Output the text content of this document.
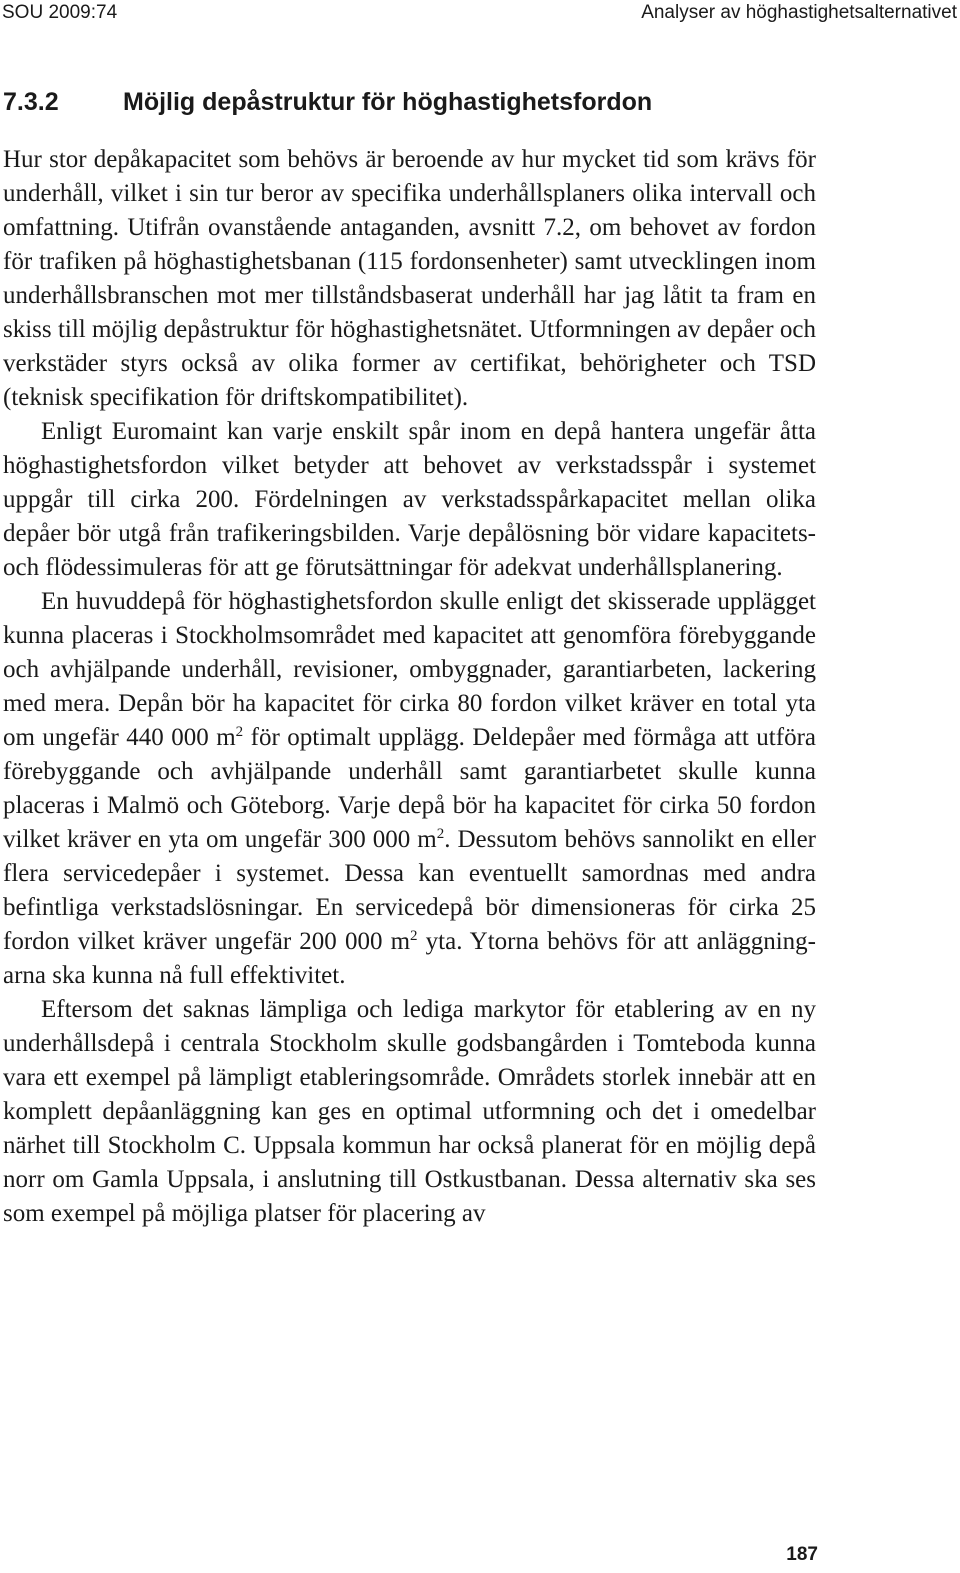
SOU 2009:74	Analyser av höghastighetsalternativet
7.3.2	Möjlig depåstruktur för höghastighetsfordon

Hur stor depåkapacitet som behövs är beroende av hur mycket tid som krävs för underhåll, vilket i sin tur beror av specifika underhållsplaners olika intervall och omfattning. Utifrån ovanstående antaganden, avsnitt 7.2, om behovet av fordon för trafiken på höghastighetsbanan (115 fordonsenheter) samt utvecklingen inom underhållsbranschen mot mer tillståndsbaserat underhåll har jag låtit ta fram en skiss till möjlig depåstruktur för höghastighetsnätet. Utformningen av depåer och verkstäder styrs också av olika former av certifikat, behörigheter och TSD (teknisk specifikation för driftskompatibilitet).

Enligt Euromaint kan varje enskilt spår inom en depå hantera ungefär åtta höghastighetsfordon vilket betyder att behovet av verkstadsspår i systemet uppgår till cirka 200. Fördelningen av verkstadsspårkapacitet mellan olika depåer bör utgå från trafikeringsbilden. Varje depålösning bör vidare kapacitets- och flödessimuleras för att ge förutsättningar för adekvat underhållsplanering.

En huvuddepå för höghastighetsfordon skulle enligt det skisserade upplägget kunna placeras i Stockholmsområdet med kapacitet att genomföra förebyggande och avhjälpande underhåll, revisioner, ombyggnader, garantiarbeten, lackering med mera. Depån bör ha kapacitet för cirka 80 fordon vilket kräver en total yta om ungefär 440 000 $m^2$ för optimalt upplägg. Deldepåer med förmåga att utföra förebyggande och avhjälpande underhåll samt garantiarbetet skulle kunna placeras i Malmö och Göteborg. Varje depå bör ha kapacitet för cirka 50 fordon vilket kräver en yta om ungefär 300 000 $m^2$. Dessutom behövs sannolikt en eller flera servicedepåer i systemet. Dessa kan eventuellt samordnas med andra befintliga verkstadslösningar. En servicedepå bör dimensioneras för cirka 25 fordon vilket kräver ungefär 200 000 $m^2$ yta. Ytorna behövs för att anläggningarna ska kunna nå full effektivitet.

Eftersom det saknas lämpliga och lediga markytor för etablering av en ny underhållsdepå i centrala Stockholm skulle godsbangården i Tomteboda kunna vara ett exempel på lämpligt etableringsområde. Områdets storlek innebär att en komplett depåanläggning kan ges en optimal utformning och det i omedelbar närhet till Stockholm C. Uppsala kommun har också planerat för en möjlig depå norr om Gamla Uppsala, i anslutning till Ostkustbanan. Dessa alternativ ska ses som exempel på möjliga platser för placering av

187
